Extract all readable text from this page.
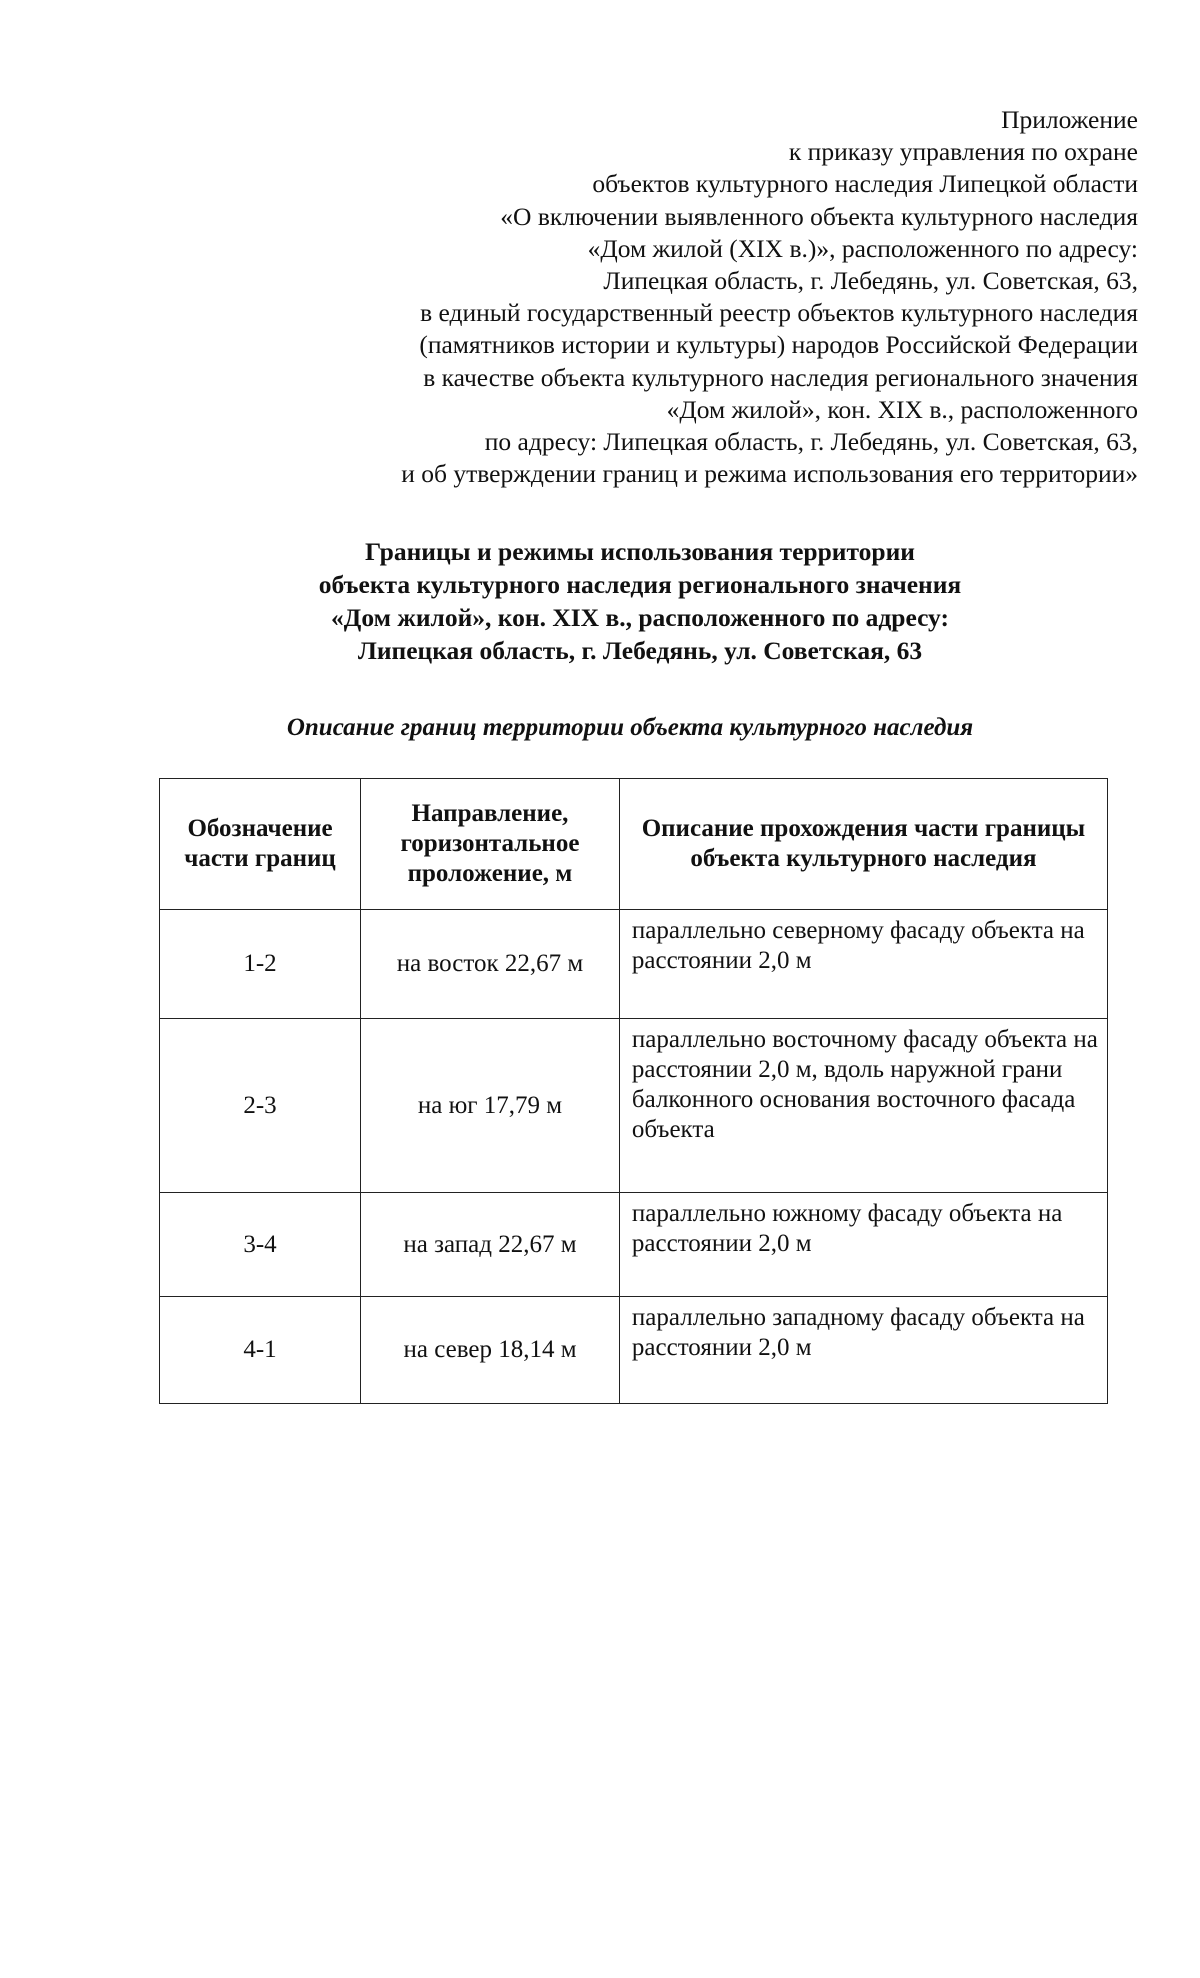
Приложение
к приказу управления по охране
объектов культурного наследия Липецкой области
«О включении выявленного объекта культурного наследия
«Дом жилой (XIX в.)», расположенного по адресу:
Липецкая область, г. Лебедянь, ул. Советская, 63,
в единый государственный реестр объектов культурного наследия
(памятников истории и культуры) народов Российской Федерации
в качестве объекта культурного наследия регионального значения
«Дом жилой», кон. XIX в., расположенного
по адресу: Липецкая область, г. Лебедянь, ул. Советская, 63,
и об утверждении границ и режима использования его территории»
Границы и режимы использования территории
объекта культурного наследия регионального значения
«Дом жилой», кон. XIX в., расположенного по адресу:
Липецкая область, г. Лебедянь, ул. Советская, 63
Описание границ территории объекта культурного наследия
Обозначение части границ	Направление, горизонтальное проложение, м	Описание прохождения части границы объекта культурного наследия
1-2	на восток 22,67 м	параллельно северному фасаду объекта на расстоянии 2,0 м
2-3	на юг 17,79 м	параллельно восточному фасаду объекта на расстоянии 2,0 м, вдоль наружной грани балконного основания восточного фасада объекта
3-4	на запад 22,67 м	параллельно южному фасаду объекта на расстоянии 2,0 м
4-1	на север 18,14 м	параллельно западному фасаду объекта на расстоянии 2,0 м
